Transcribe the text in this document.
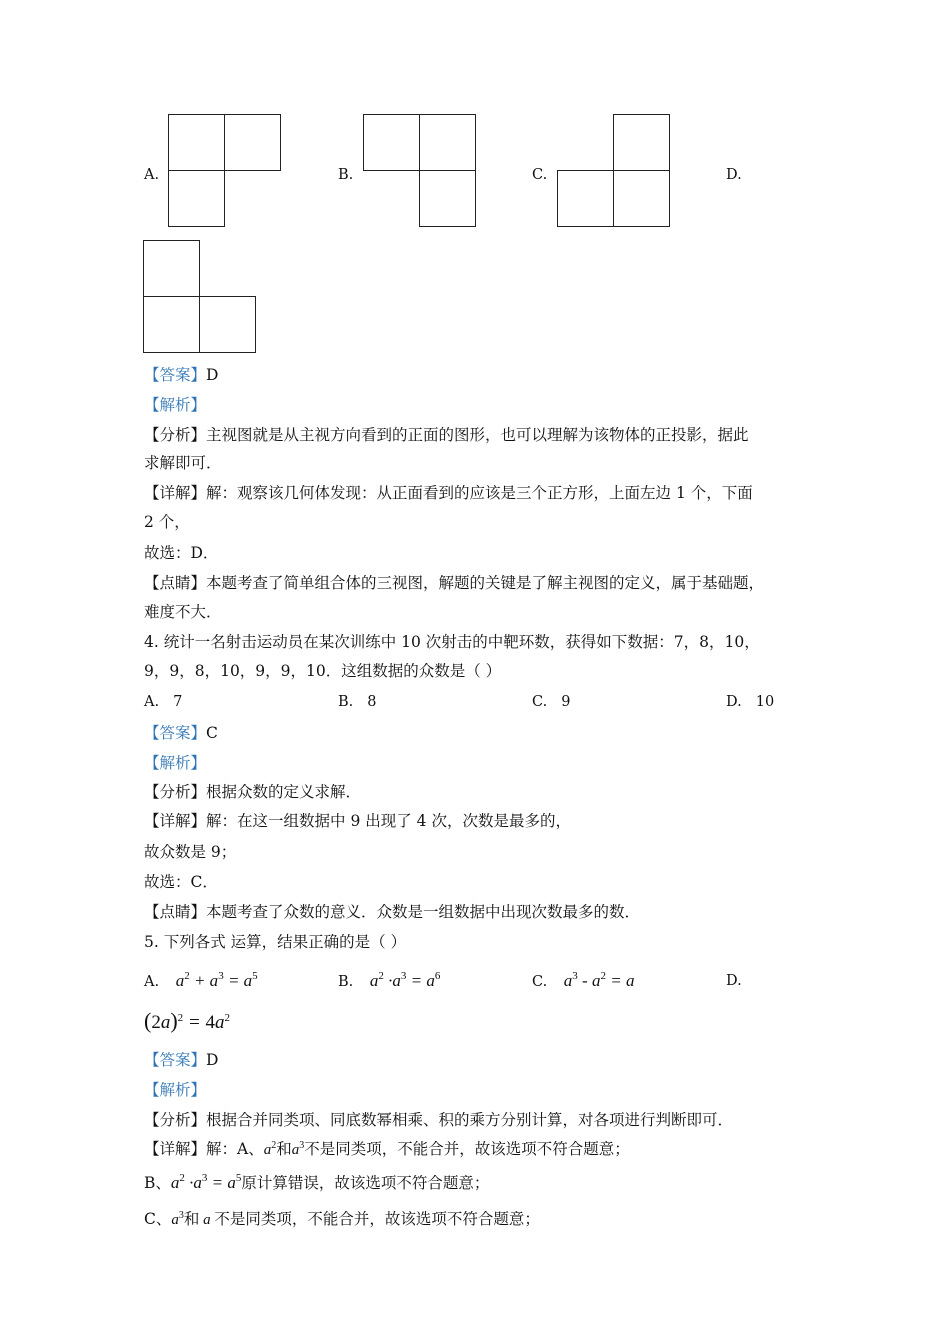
A.	B.	C.	D.
【答案】D
【解析】
【分析】主视图就是从主视方向看到的正面的图形，也可以理解为该物体的正投影，据此
求解即可．
【详解】解：观察该几何体发现：从正面看到的应该是三个正方形，上面左边 1 个，下面
2 个，
故选：D．
【点睛】本题考查了简单组合体的三视图，解题的关键是了解主视图的定义，属于基础题，
难度不大．
4. 统计一名射击运动员在某次训练中 10 次射击的中靶环数，获得如下数据：7，8，10，
9，9，8，10，9，9，10．这组数据的众数是（ ）
A. 7	B. 8	C. 9	D. 10
【答案】C
【解析】
【分析】根据众数的定义求解．
【详解】解：在这一组数据中 9 出现了 4 次，次数是最多的，
故众数是 9；
故选：C．
【点睛】本题考查了众数的意义．众数是一组数据中出现次数最多的数．
5. 下列各式 运算，结果正确的是（ ）
A. $a^2 + a^3 = a^5$	B. $a^2 \cdot a^3 = a^6$	C. $a^3 - a^2 = a$	D.
$(2a)^2 = 4a^2$
【答案】D
【解析】
【分析】根据合并同类项、同底数幂相乘、积的乘方分别计算，对各项进行判断即可．
【详解】解：A、$a^2$和$a^3$不是同类项，不能合并，故该选项不符合题意；
B、$a^2 \cdot a^3 = a^5$原计算错误，故该选项不符合题意；
C、$a^3$和 a 不是同类项，不能合并，故该选项不符合题意；
